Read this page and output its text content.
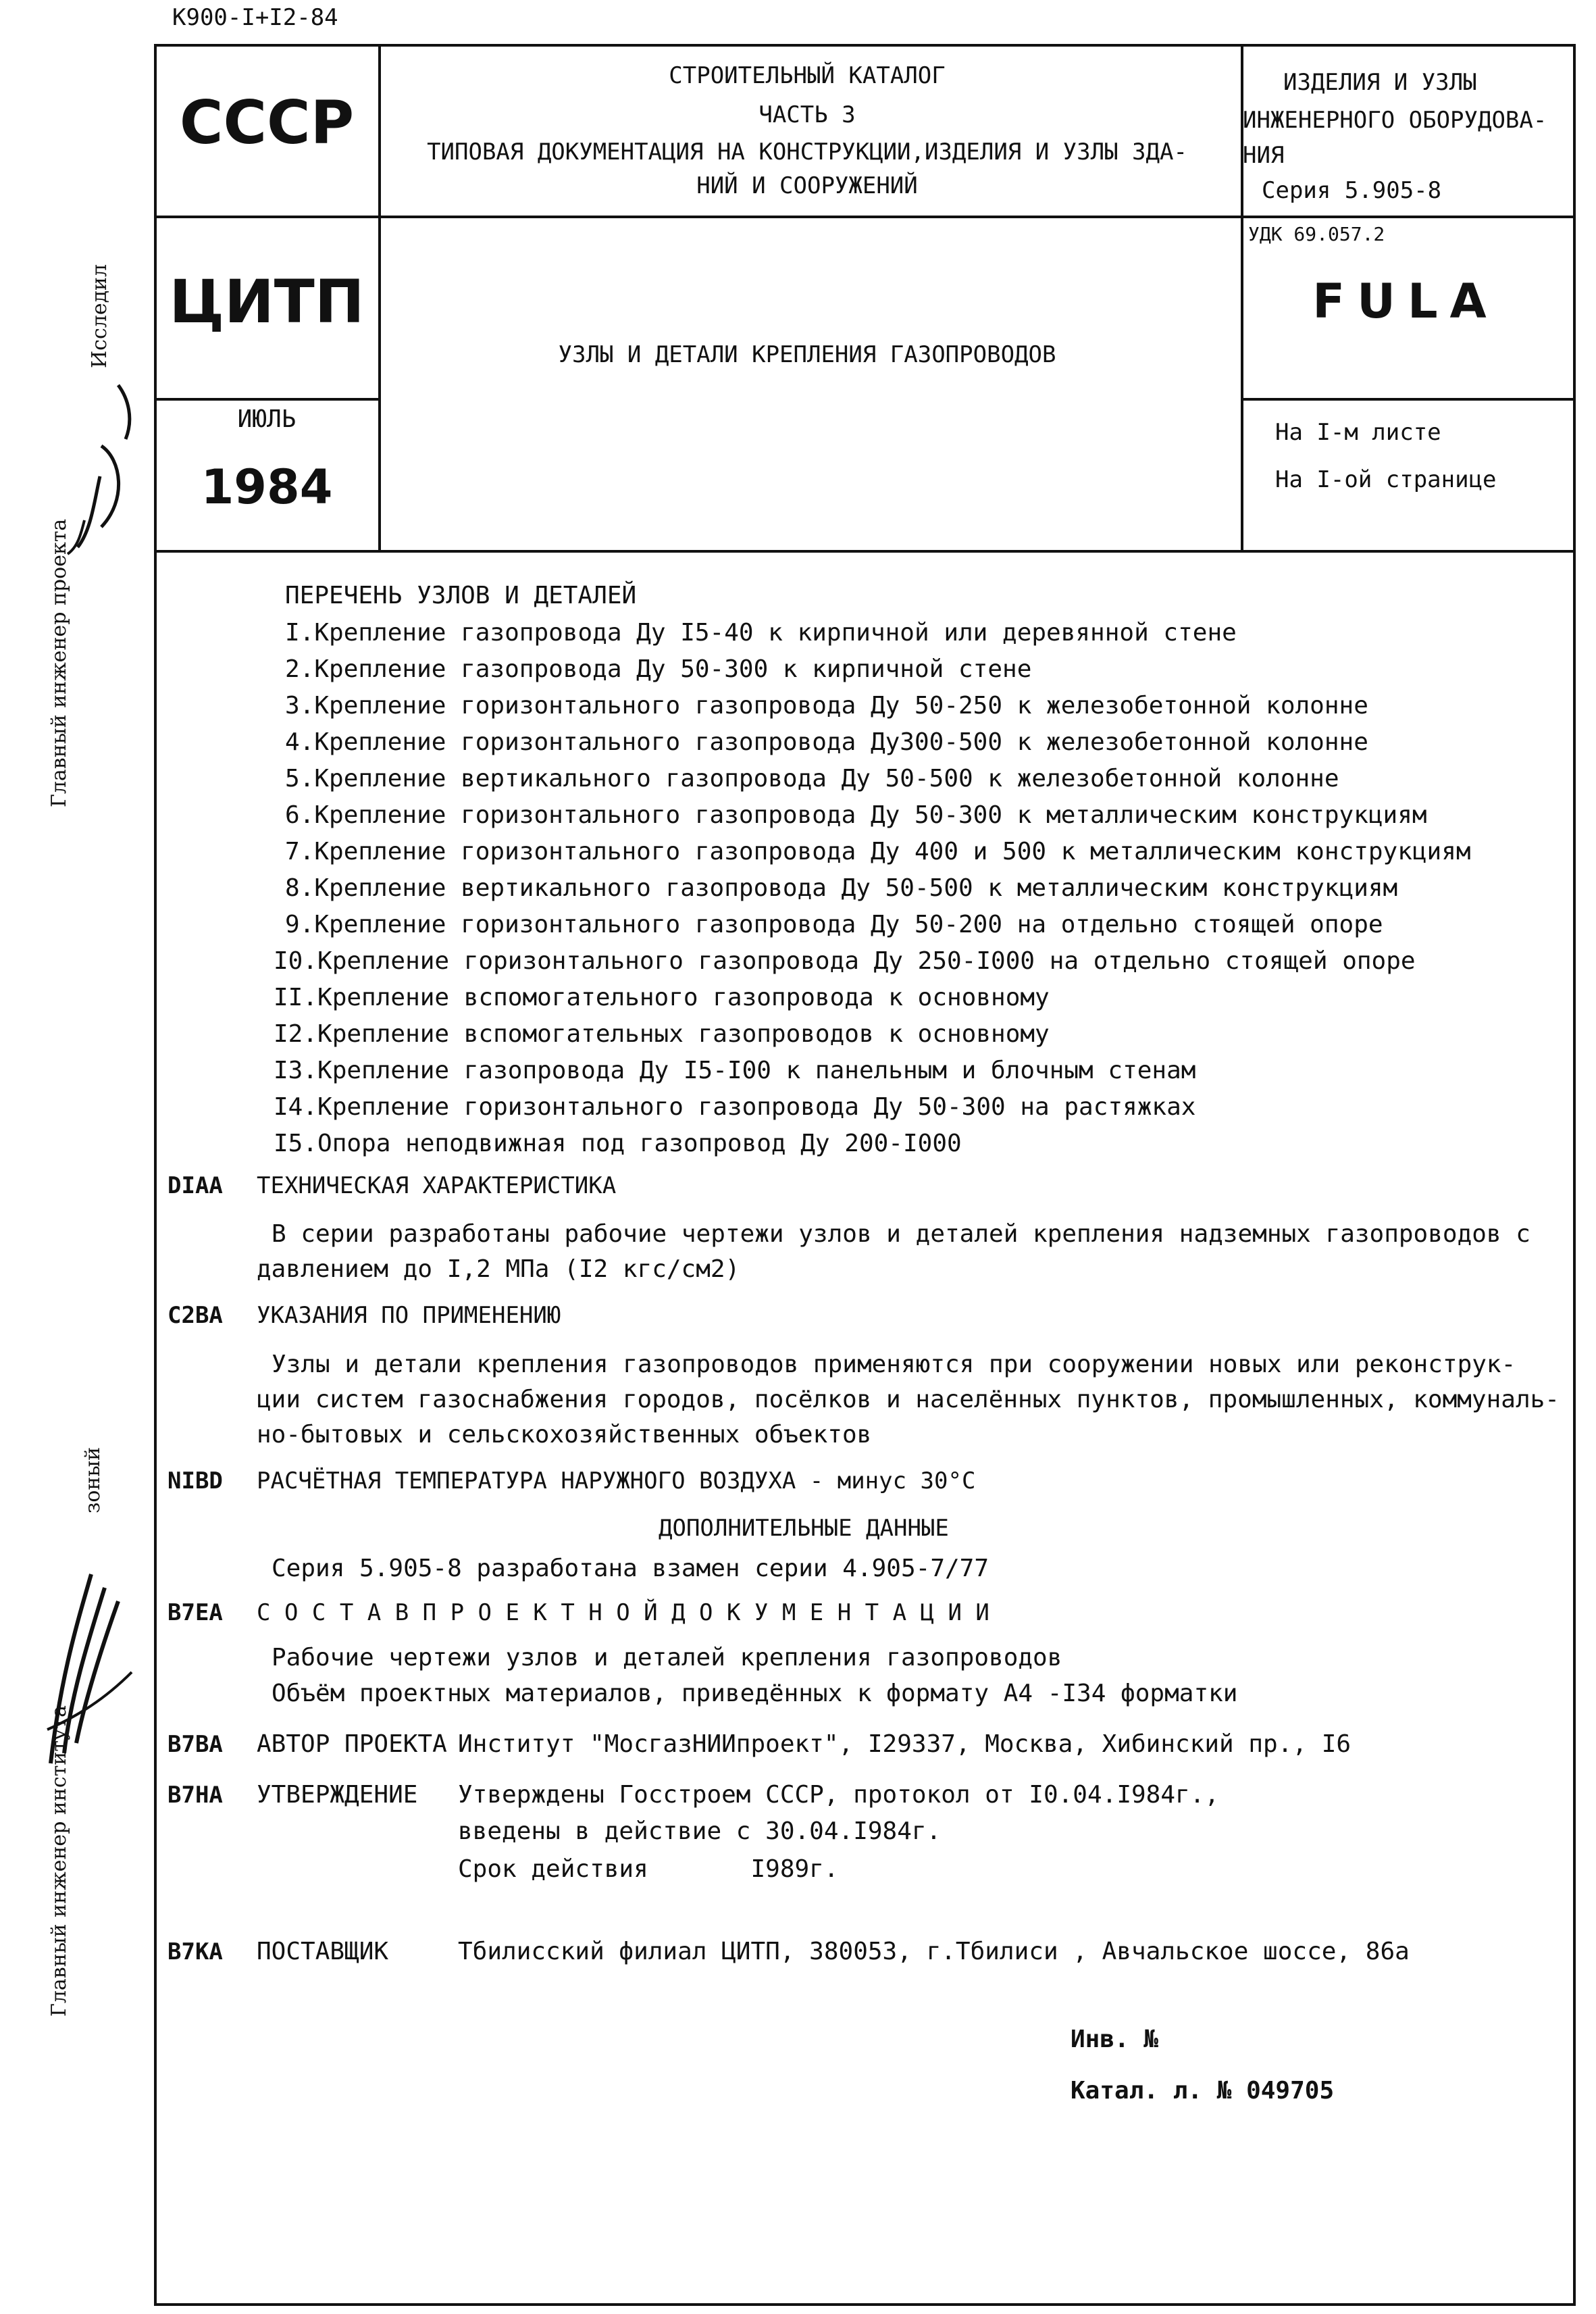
К900-I+I2-84
СССР
ЦИТП
ИЮЛЬ
1984
СТРОИТЕЛЬНЫЙ КАТАЛОГ
ЧАСТЬ 3
ТИПОВАЯ ДОКУМЕНТАЦИЯ НА КОНСТРУКЦИИ,ИЗДЕЛИЯ И УЗЛЫ ЗДА-
НИЙ И СООРУЖЕНИЙ
УЗЛЫ И ДЕТАЛИ КРЕПЛЕНИЯ ГАЗОПРОВОДОВ
ИЗДЕЛИЯ И УЗЛЫ
ИНЖЕНЕРНОГО ОБОРУДОВА-
НИЯ
Серия 5.905-8
УДК 69.057.2
FULA
На I-м листе
На I-ой странице
ПЕРЕЧЕНЬ УЗЛОВ И ДЕТАЛЕЙ
I.Крепление газопровода Ду I5-40 к кирпичной или деревянной стене
2.Крепление газопровода Ду 50-300 к кирпичной стене
3.Крепление горизонтального газопровода Ду 50-250 к железобетонной колонне
4.Крепление горизонтального газопровода Ду300-500 к железобетонной колонне
5.Крепление вертикального газопровода Ду 50-500 к железобетонной колонне
6.Крепление горизонтального газопровода Ду 50-300 к металлическим конструкциям
7.Крепление горизонтального газопровода Ду 400 и 500 к металлическим конструкциям
8.Крепление вертикального газопровода Ду 50-500 к металлическим конструкциям
9.Крепление горизонтального газопровода Ду 50-200 на отдельно стоящей опоре
I0.Крепление горизонтального газопровода Ду 250-I000 на отдельно стоящей опоре
II.Крепление вспомогательного газопровода к основному
I2.Крепление вспомогательных газопроводов к основному
I3.Крепление газопровода Ду I5-I00 к панельным и блочным стенам
I4.Крепление горизонтального газопровода Ду 50-300 на растяжках
I5.Опора неподвижная под газопровод Ду 200-I000
DIAA ТЕХНИЧЕСКАЯ ХАРАКТЕРИСТИКА
В серии разработаны рабочие чертежи узлов и деталей крепления надземных газопроводов с
давлением до I,2 МПа (I2 кгс/см2)
C2BA УКАЗАНИЯ ПО ПРИМЕНЕНИЮ
Узлы и детали крепления газопроводов применяются при сооружении новых или реконструк-
ции систем газоснабжения городов, посёлков и населённых пунктов, промышленных, коммуналь-
но-бытовых и сельскохозяйственных объектов
NIBD РАСЧЁТНАЯ ТЕМПЕРАТУРА НАРУЖНОГО ВОЗДУХА - минус 30°С
ДОПОЛНИТЕЛЬНЫЕ ДАННЫЕ
Серия 5.905-8 разработана взамен серии 4.905-7/77
B7EA С О С Т А В П Р О Е К Т Н О Й Д О К У М Е Н Т А Ц И И
Рабочие чертежи узлов и деталей крепления газопроводов
Объём проектных материалов, приведённых к формату А4 -I34 форматки
B7BA АВТОР ПРОЕКТА Институт "МосгазНИИпроект", I29337, Москва, Хибинский пр., I6
B7HA УТВЕРЖДЕНИЕ Утверждены Госстроем СССР, протокол от I0.04.I984г.,
введены в действие с 30.04.I984г.
Срок действия       I989г.
B7KA ПОСТАВЩИК	Тбилисский филиал ЦИТП, 380053, г.Тбилиси , Авчальское шоссе, 86а
Инв. №
Катал. л. № 049705
Исследил
Главный инженер проекта
зоный
Главный инженер института
